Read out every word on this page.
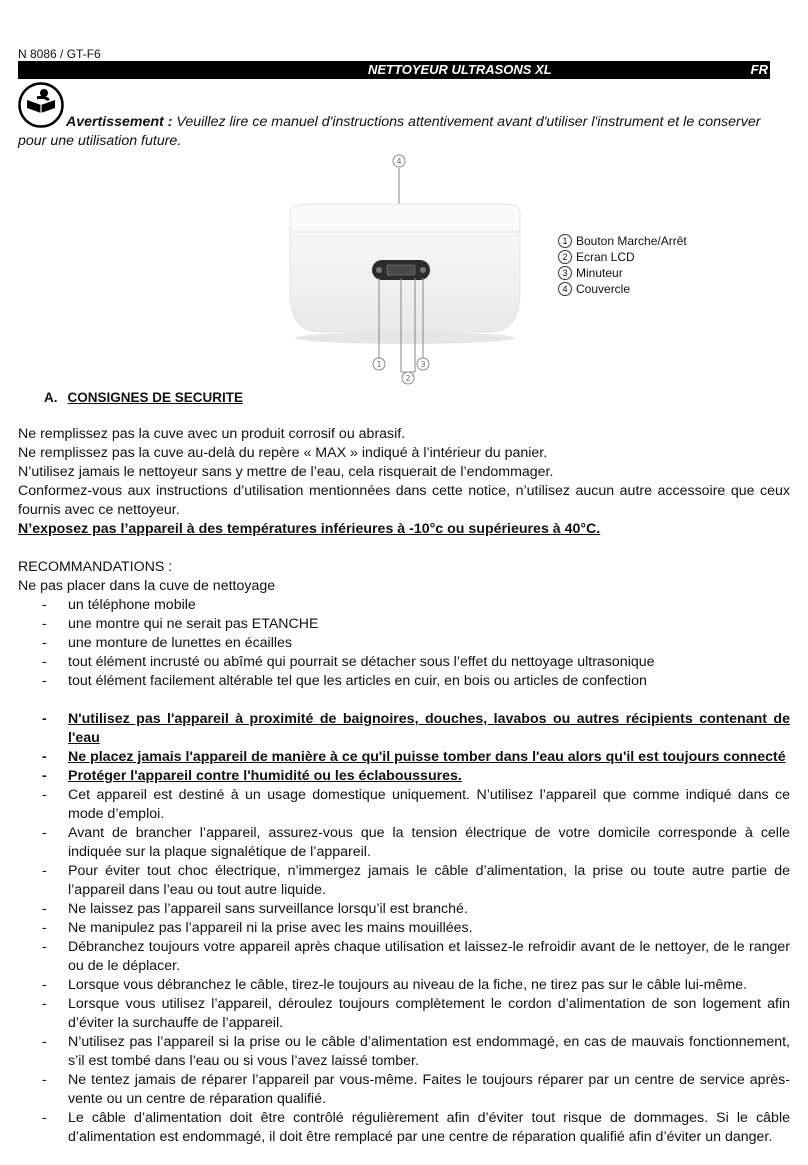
N 8086 / GT-F6
NETTOYEUR ULTRASONS XL	FR
Avertissement : Veuillez lire ce manuel d'instructions attentivement avant d'utiliser l'instrument et le conserver pour une utilisation future.
4
1
2
3
1 Bouton Marche/Arrêt
2 Ecran LCD
3 Minuteur
4 Couvercle
A. CONSIGNES DE SECURITE

Ne remplissez pas la cuve avec un produit corrosif ou abrasif.

Ne remplissez pas la cuve au-delà du repère « MAX » indiqué à l’intérieur du panier.

N’utilisez jamais le nettoyeur sans y mettre de l’eau, cela risquerait de l’endommager.

Conformez-vous aux instructions d’utilisation mentionnées dans cette notice, n’utilisez aucun autre accessoire que ceux fournis avec ce nettoyeur.

N’exposez pas l’appareil à des températures inférieures à -10°c ou supérieures à 40°C.

RECOMMANDATIONS :

Ne pas placer dans la cuve de nettoyage

- un téléphone mobile
- une montre qui ne serait pas ETANCHE
- une monture de lunettes en écailles
- tout élément incrusté ou abîmé qui pourrait se détacher sous l’effet du nettoyage ultrasonique
- tout élément facilement altérable tel que les articles en cuir, en bois ou articles de confection
- N'utilisez pas l'appareil à proximité de baignoires, douches, lavabos ou autres récipients contenant de l'eau
- Ne placez jamais l'appareil de manière à ce qu'il puisse tomber dans l'eau alors qu'il est toujours connecté
- Protéger l'appareil contre l'humidité ou les éclaboussures.
- Cet appareil est destiné à un usage domestique uniquement. N’utilisez l’appareil que comme indiqué dans ce mode d’emploi.
- Avant de brancher l’appareil, assurez-vous que la tension électrique de votre domicile corresponde à celle indiquée sur la plaque signalétique de l’appareil.
- Pour éviter tout choc électrique, n’immergez jamais le câble d’alimentation, la prise ou toute autre partie de l’appareil dans l’eau ou tout autre liquide.
- Ne laissez pas l’appareil sans surveillance lorsqu’il est branché.
- Ne manipulez pas l’appareil ni la prise avec les mains mouillées.
- Débranchez toujours votre appareil après chaque utilisation et laissez-le refroidir avant de le nettoyer, de le ranger ou de le déplacer.
- Lorsque vous débranchez le câble, tirez-le toujours au niveau de la fiche, ne tirez pas sur le câble lui-même.
- Lorsque vous utilisez l’appareil, déroulez toujours complètement le cordon d’alimentation de son logement afin d’éviter la surchauffe de l’appareil.
- N’utilisez pas l’appareil si la prise ou le câble d’alimentation est endommagé, en cas de mauvais fonctionnement, s’il est tombé dans l’eau ou si vous l’avez laissé tomber.
- Ne tentez jamais de réparer l’appareil par vous-même. Faites le toujours réparer par un centre de service après-vente ou un centre de réparation qualifié.
- Le câble d’alimentation doit être contrôlé régulièrement afin d’éviter tout risque de dommages. Si le câble d’alimentation est endommagé, il doit être remplacé par une centre de réparation qualifié afin d’éviter un danger.
